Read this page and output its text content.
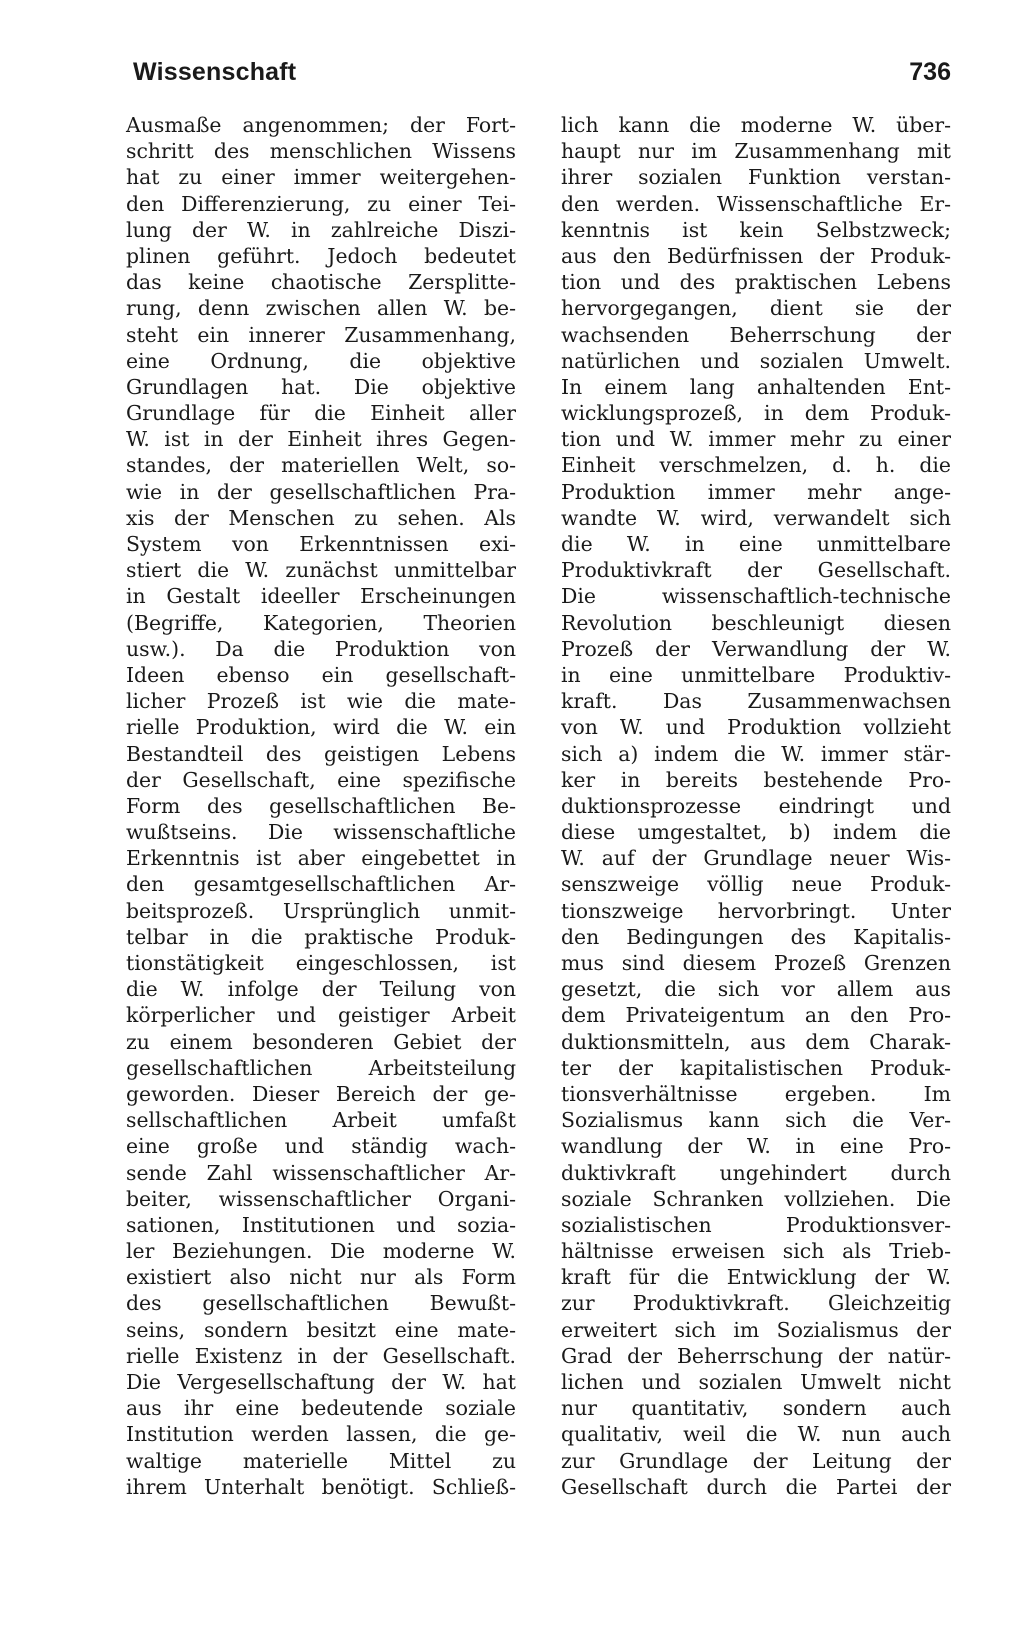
Wissenschaft	736
Ausmaße angenommen; der Fort-
schritt des menschlichen Wissens
hat zu einer immer weitergehen-
den Differenzierung, zu einer Tei-
lung der W. in zahlreiche Diszi-
plinen geführt. Jedoch bedeutet
das keine chaotische Zersplitte-
rung, denn zwischen allen W. be-
steht ein innerer Zusammenhang,
eine Ordnung, die objektive
Grundlagen hat. Die objektive
Grundlage für die Einheit aller
W. ist in der Einheit ihres Gegen-
standes, der materiellen Welt, so-
wie in der gesellschaftlichen Pra-
xis der Menschen zu sehen. Als
System von Erkenntnissen exi-
stiert die W. zunächst unmittelbar
in Gestalt ideeller Erscheinungen
(Begriffe, Kategorien, Theorien
usw.). Da die Produktion von
Ideen ebenso ein gesellschaft-
licher Prozeß ist wie die mate-
rielle Produktion, wird die W. ein
Bestandteil des geistigen Lebens
der Gesellschaft, eine spezifische
Form des gesellschaftlichen Be-
wußtseins. Die wissenschaftliche
Erkenntnis ist aber eingebettet in
den gesamtgesellschaftlichen Ar-
beitsprozeß. Ursprünglich unmit-
telbar in die praktische Produk-
tionstätigkeit eingeschlossen, ist
die W. infolge der Teilung von
körperlicher und geistiger Arbeit
zu einem besonderen Gebiet der
gesellschaftlichen Arbeitsteilung
geworden. Dieser Bereich der ge-
sellschaftlichen Arbeit umfaßt
eine große und ständig wach-
sende Zahl wissenschaftlicher Ar-
beiter, wissenschaftlicher Organi-
sationen, Institutionen und sozia-
ler Beziehungen. Die moderne W.
existiert also nicht nur als Form
des gesellschaftlichen Bewußt-
seins, sondern besitzt eine mate-
rielle Existenz in der Gesellschaft.
Die Vergesellschaftung der W. hat
aus ihr eine bedeutende soziale
Institution werden lassen, die ge-
waltige materielle Mittel zu
ihrem Unterhalt benötigt. Schließ-
lich kann die moderne W. über-
haupt nur im Zusammenhang mit
ihrer sozialen Funktion verstan-
den werden. Wissenschaftliche Er-
kenntnis ist kein Selbstzweck;
aus den Bedürfnissen der Produk-
tion und des praktischen Lebens
hervorgegangen, dient sie der
wachsenden Beherrschung der
natürlichen und sozialen Umwelt.
In einem lang anhaltenden Ent-
wicklungsprozeß, in dem Produk-
tion und W. immer mehr zu einer
Einheit verschmelzen, d. h. die
Produktion immer mehr ange-
wandte W. wird, verwandelt sich
die W. in eine unmittelbare
Produktivkraft der Gesellschaft.
Die wissenschaftlich-technische
Revolution beschleunigt diesen
Prozeß der Verwandlung der W.
in eine unmittelbare Produktiv-
kraft. Das Zusammenwachsen
von W. und Produktion vollzieht
sich a) indem die W. immer stär-
ker in bereits bestehende Pro-
duktionsprozesse eindringt und
diese umgestaltet, b) indem die
W. auf der Grundlage neuer Wis-
senszweige völlig neue Produk-
tionszweige hervorbringt. Unter
den Bedingungen des Kapitalis-
mus sind diesem Prozeß Grenzen
gesetzt, die sich vor allem aus
dem Privateigentum an den Pro-
duktionsmitteln, aus dem Charak-
ter der kapitalistischen Produk-
tionsverhältnisse ergeben. Im
Sozialismus kann sich die Ver-
wandlung der W. in eine Pro-
duktivkraft ungehindert durch
soziale Schranken vollziehen. Die
sozialistischen Produktionsver-
hältnisse erweisen sich als Trieb-
kraft für die Entwicklung der W.
zur Produktivkraft. Gleichzeitig
erweitert sich im Sozialismus der
Grad der Beherrschung der natür-
lichen und sozialen Umwelt nicht
nur quantitativ, sondern auch
qualitativ, weil die W. nun auch
zur Grundlage der Leitung der
Gesellschaft durch die Partei der
